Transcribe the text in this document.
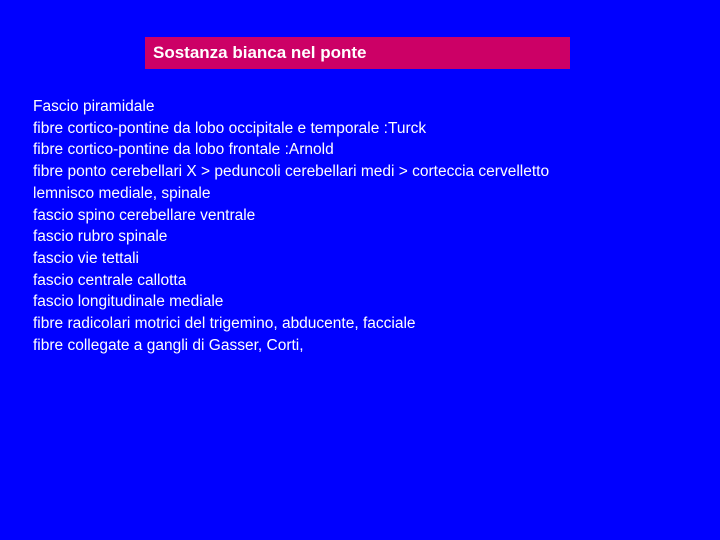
Sostanza bianca nel ponte
Fascio piramidale
fibre cortico-pontine da lobo occipitale e temporale :Turck
fibre cortico-pontine da lobo frontale :Arnold
fibre ponto cerebellari X > peduncoli cerebellari medi > corteccia cervelletto
lemnisco mediale, spinale
fascio spino cerebellare ventrale
fascio rubro spinale
fascio vie tettali
fascio centrale callotta
fascio longitudinale mediale
fibre radicolari motrici del trigemino, abducente, facciale
fibre collegate a gangli di Gasser, Corti,
